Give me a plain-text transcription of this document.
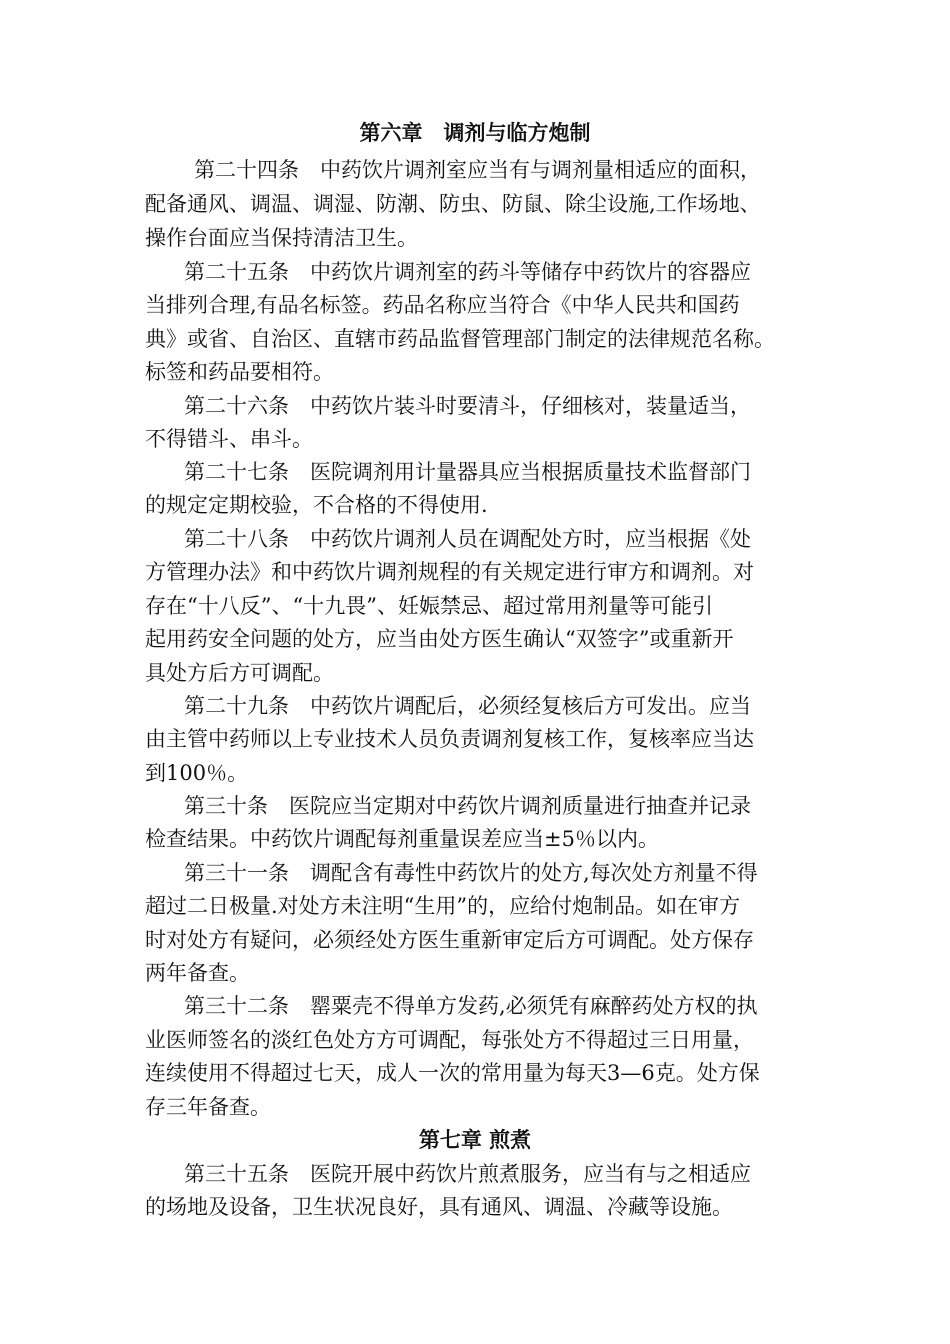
第六章　调剂与临方炮制
第二十四条　中药饮片调剂室应当有与调剂量相适应的面积，
配备通风、调温、调湿、防潮、防虫、防鼠、除尘设施,工作场地、
操作台面应当保持清洁卫生。
第二十五条　中药饮片调剂室的药斗等储存中药饮片的容器应
当排列合理,有品名标签。药品名称应当符合《中华人民共和国药
典》或省、自治区、直辖市药品监督管理部门制定的法律规范名称。
标签和药品要相符。
第二十六条　中药饮片装斗时要清斗，仔细核对，装量适当，
不得错斗、串斗。
第二十七条　医院调剂用计量器具应当根据质量技术监督部门
的规定定期校验，不合格的不得使用.
第二十八条　中药饮片调剂人员在调配处方时，应当根据《处
方管理办法》和中药饮片调剂规程的有关规定进行审方和调剂。对
存在“十八反”、“十九畏”、妊娠禁忌、超过常用剂量等可能引
起用药安全问题的处方，应当由处方医生确认“双签字”或重新开
具处方后方可调配。
第二十九条　中药饮片调配后，必须经复核后方可发出。应当
由主管中药师以上专业技术人员负责调剂复核工作，复核率应当达
到100％。
第三十条　医院应当定期对中药饮片调剂质量进行抽查并记录
检查结果。中药饮片调配每剂重量误差应当±5％以内。
第三十一条　调配含有毒性中药饮片的处方,每次处方剂量不得
超过二日极量.对处方未注明“生用”的，应给付炮制品。如在审方
时对处方有疑问，必须经处方医生重新审定后方可调配。处方保存
两年备查。
第三十二条　罂粟壳不得单方发药,必须凭有麻醉药处方权的执
业医师签名的淡红色处方方可调配，每张处方不得超过三日用量，
连续使用不得超过七天，成人一次的常用量为每天3—6克。处方保
存三年备查。
第七章 煎煮
第三十五条　医院开展中药饮片煎煮服务，应当有与之相适应
的场地及设备，卫生状况良好，具有通风、调温、冷藏等设施。
